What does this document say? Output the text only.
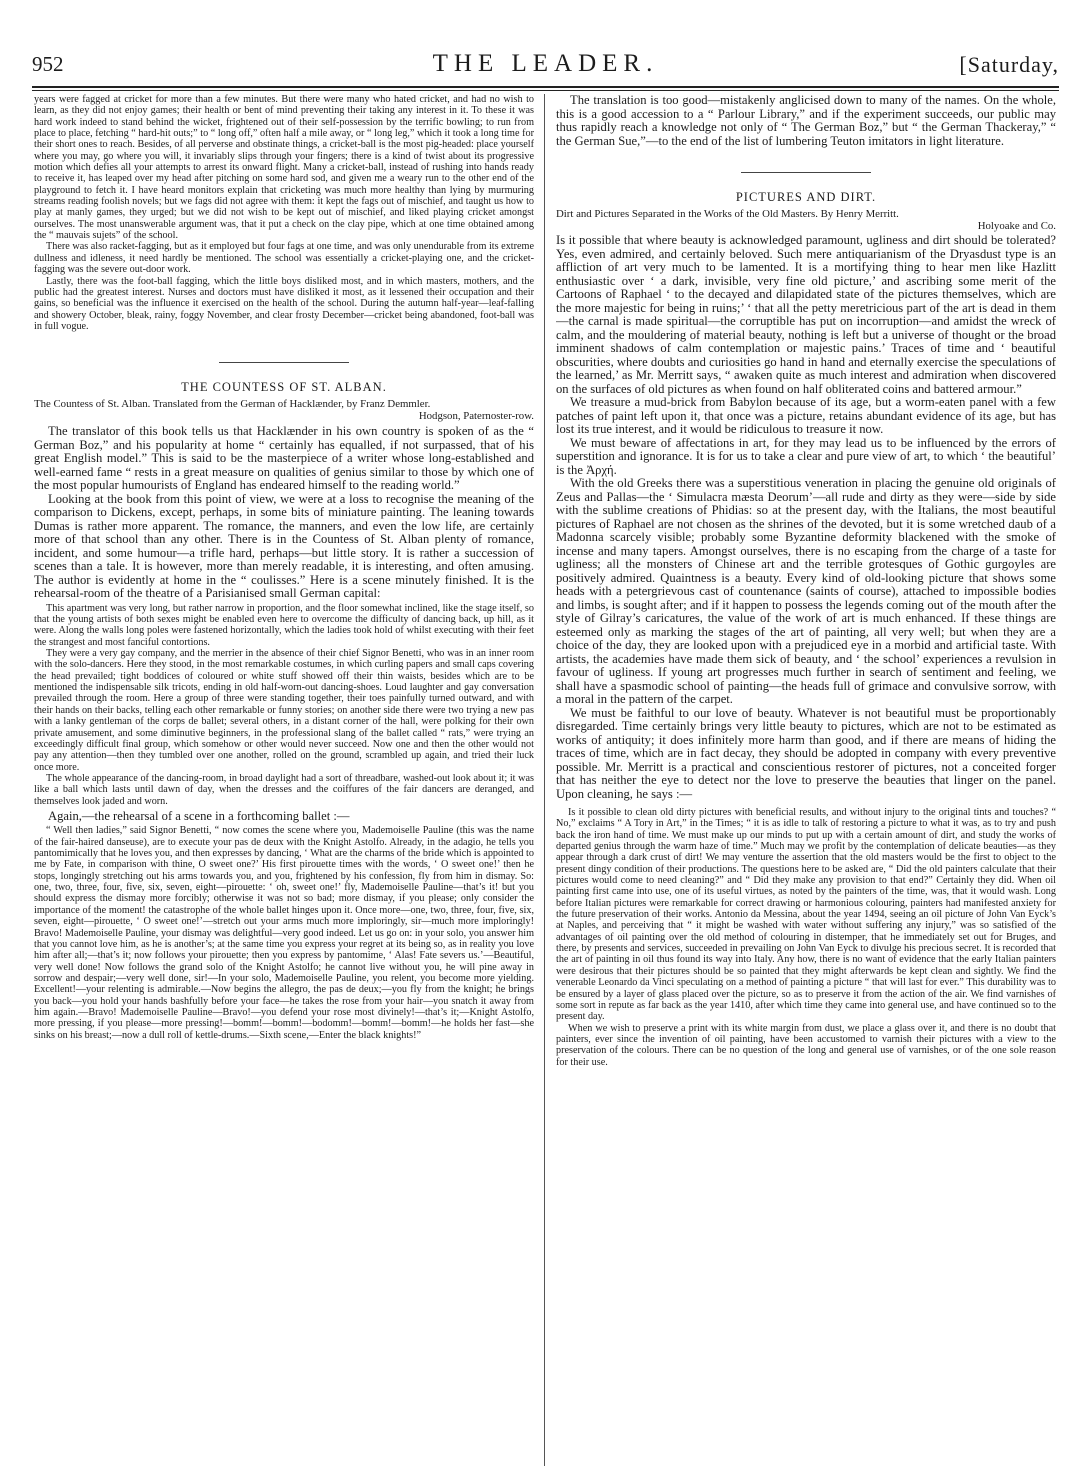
952	THE LEADER.	[Saturday,

years were fagged at cricket for more than a few minutes. But there were many who hated cricket, and had no wish to learn, as they did not enjoy games; their health or bent of mind preventing their taking any interest in it. To these it was hard work indeed to stand behind the wicket, frightened out of their self-possession by the terrific bowling; to run from place to place, fetching “ hard-hit outs;” to “ long off,” often half a mile away, or “ long leg,” which it took a long time for their short ones to reach. Besides, of all perverse and obstinate things, a cricket-ball is the most pig-headed: place yourself where you may, go where you will, it invariably slips through your fingers; there is a kind of twist about its progressive motion which defies all your attempts to arrest its onward flight. Many a cricket-ball, instead of rushing into hands ready to receive it, has leaped over my head after pitching on some hard sod, and given me a weary run to the other end of the playground to fetch it. I have heard monitors explain that cricketing was much more healthy than lying by murmuring streams reading foolish novels; but we fags did not agree with them: it kept the fags out of mischief, and taught us how to play at manly games, they urged; but we did not wish to be kept out of mischief, and liked playing cricket amongst ourselves. The most unanswerable argument was, that it put a check on the clay pipe, which at one time obtained among the “ mauvais sujets” of the school.

There was also racket-fagging, but as it employed but four fags at one time, and was only unendurable from its extreme dullness and idleness, it need hardly be mentioned. The school was essentially a cricket-playing one, and the cricket-fagging was the severe out-door work.

Lastly, there was the foot-ball fagging, which the little boys disliked most, and in which masters, mothers, and the public had the greatest interest. Nurses and doctors must have disliked it most, as it lessened their occupation and their gains, so beneficial was the influence it exercised on the health of the school. During the autumn half-year—leaf-falling and showery October, bleak, rainy, foggy November, and clear frosty December—cricket being abandoned, foot-ball was in full vogue.

THE COUNTESS OF ST. ALBAN.

The Countess of St. Alban. Translated from the German of Hacklænder, by Franz Demmler.

Hodgson, Paternoster-row.

The translator of this book tells us that Hacklænder in his own country is spoken of as the “ German Boz,” and his popularity at home “ certainly has equalled, if not surpassed, that of his great English model.” This is said to be the masterpiece of a writer whose long-established and well-earned fame “ rests in a great measure on qualities of genius similar to those by which one of the most popular humourists of England has endeared himself to the reading world.”

Looking at the book from this point of view, we were at a loss to recognise the meaning of the comparison to Dickens, except, perhaps, in some bits of miniature painting. The leaning towards Dumas is rather more apparent. The romance, the manners, and even the low life, are certainly more of that school than any other. There is in the Countess of St. Alban plenty of romance, incident, and some humour—a trifle hard, perhaps—but little story. It is rather a succession of scenes than a tale. It is however, more than merely readable, it is interesting, and often amusing. The author is evidently at home in the “ coulisses.” Here is a scene minutely finished. It is the rehearsal-room of the theatre of a Parisianised small German capital:

This apartment was very long, but rather narrow in proportion, and the floor somewhat inclined, like the stage itself, so that the young artists of both sexes might be enabled even here to overcome the difficulty of dancing back, up hill, as it were. Along the walls long poles were fastened horizontally, which the ladies took hold of whilst executing with their feet the strangest and most fanciful contortions.

They were a very gay company, and the merrier in the absence of their chief Signor Benetti, who was in an inner room with the solo-dancers. Here they stood, in the most remarkable costumes, in which curling papers and small caps covering the head prevailed; tight boddices of coloured or white stuff showed off their thin waists, besides which are to be mentioned the indispensable silk tricots, ending in old half-worn-out dancing-shoes. Loud laughter and gay conversation prevailed through the room. Here a group of three were standing together, their toes painfully turned outward, and with their hands on their backs, telling each other remarkable or funny stories; on another side there were two trying a new pas with a lanky gentleman of the corps de ballet; several others, in a distant corner of the hall, were polking for their own private amusement, and some diminutive beginners, in the professional slang of the ballet called “ rats,” were trying an exceedingly difficult final group, which somehow or other would never succeed. Now one and then the other would not pay any attention—then they tumbled over one another, rolled on the ground, scrambled up again, and tried their luck once more.

The whole appearance of the dancing-room, in broad daylight had a sort of threadbare, washed-out look about it; it was like a ball which lasts until dawn of day, when the dresses and the coiffures of the fair dancers are deranged, and themselves look jaded and worn.

Again,—the rehearsal of a scene in a forthcoming ballet :—

“ Well then ladies,” said Signor Benetti, “ now comes the scene where you, Mademoiselle Pauline (this was the name of the fair-haired danseuse), are to execute your pas de deux with the Knight Astolfo. Already, in the adagio, he tells you pantomimically that he loves you, and then expresses by dancing, ‘ What are the charms of the bride which is appointed to me by Fate, in comparison with thine, O sweet one?’ His first pirouette times with the words, ‘ O sweet one!’ then he stops, longingly stretching out his arms towards you, and you, frightened by his confession, fly from him in dismay. So: one, two, three, four, five, six, seven, eight—pirouette: ‘ oh, sweet one!’ fly, Mademoiselle Pauline—that’s it! but you should express the dismay more forcibly; otherwise it was not so bad; more dismay, if you please; only consider the importance of the moment! the catastrophe of the whole ballet hinges upon it. Once more—one, two, three, four, five, six, seven, eight—pirouette, ‘ O sweet one!’—stretch out your arms much more imploringly, sir—much more imploringly! Bravo! Mademoiselle Pauline, your dismay was delightful—very good indeed. Let us go on: in your solo, you answer him that you cannot love him, as he is another’s; at the same time you express your regret at its being so, as in reality you love him after all;—that’s it; now follows your pirouette; then you express by pantomime, ‘ Alas! Fate severs us.’—Beautiful, very well done! Now follows the grand solo of the Knight Astolfo; he cannot live without you, he will pine away in sorrow and despair;—very well done, sir!—In your solo, Mademoiselle Pauline, you relent, you become more yielding. Excellent!—your relenting is admirable.—Now begins the allegro, the pas de deux;—you fly from the knight; he brings you back—you hold your hands bashfully before your face—he takes the rose from your hair—you snatch it away from him again.—Bravo! Mademoiselle Pauline—Bravo!—you defend your rose most divinely!—that’s it;—Knight Astolfo, more pressing, if you please—more pressing!—bomm!—bomm!—bodomm!—bomm!—bomm!—he holds her fast—she sinks on his breast;—now a dull roll of kettle-drums.—Sixth scene,—Enter the black knights!”

The translation is too good—mistakenly anglicised down to many of the names. On the whole, this is a good accession to a “ Parlour Library,” and if the experiment succeeds, our public may thus rapidly reach a knowledge not only of “ The German Boz,” but “ the German Thackeray,” “ the German Sue,”—to the end of the list of lumbering Teuton imitators in light literature.

PICTURES AND DIRT.

Dirt and Pictures Separated in the Works of the Old Masters. By Henry Merritt.

Holyoake and Co.

Is it possible that where beauty is acknowledged paramount, ugliness and dirt should be tolerated? Yes, even admired, and certainly beloved. Such mere antiquarianism of the Dryasdust type is an affliction of art very much to be lamented. It is a mortifying thing to hear men like Hazlitt enthusiastic over ‘ a dark, invisible, very fine old picture,’ and ascribing some merit of the Cartoons of Raphael ‘ to the decayed and dilapidated state of the pictures themselves, which are the more majestic for being in ruins;’ ‘ that all the petty meretricious part of the art is dead in them—the carnal is made spiritual—the corruptible has put on incorruption—and amidst the wreck of calm, and the mouldering of material beauty, nothing is left but a universe of thought or the broad imminent shadows of calm contemplation or majestic pains.’ Traces of time and ‘ beautiful obscurities, where doubts and curiosities go hand in hand and eternally exercise the speculations of the learned,’ as Mr. Merritt says, “ awaken quite as much interest and admiration when discovered on the surfaces of old pictures as when found on half obliterated coins and battered armour.”

We treasure a mud-brick from Babylon because of its age, but a worm-eaten panel with a few patches of paint left upon it, that once was a picture, retains abundant evidence of its age, but has lost its true interest, and it would be ridiculous to treasure it now.

We must beware of affectations in art, for they may lead us to be influenced by the errors of superstition and ignorance. It is for us to take a clear and pure view of art, to which ‘ the beautiful’ is the Ἀρχή.

With the old Greeks there was a superstitious veneration in placing the genuine old originals of Zeus and Pallas—the ‘ Simulacra mæsta Deorum’—all rude and dirty as they were—side by side with the sublime creations of Phidias: so at the present day, with the Italians, the most beautiful pictures of Raphael are not chosen as the shrines of the devoted, but it is some wretched daub of a Madonna scarcely visible; probably some Byzantine deformity blackened with the smoke of incense and many tapers. Amongst ourselves, there is no escaping from the charge of a taste for ugliness; all the monsters of Chinese art and the terrible grotesques of Gothic gurgoyles are positively admired. Quaintness is a beauty. Every kind of old-looking picture that shows some heads with a petergrievous cast of countenance (saints of course), attached to impossible bodies and limbs, is sought after; and if it happen to possess the legends coming out of the mouth after the style of Gilray’s caricatures, the value of the work of art is much enhanced. If these things are esteemed only as marking the stages of the art of painting, all very well; but when they are a choice of the day, they are looked upon with a prejudiced eye in a morbid and artificial taste. With artists, the academies have made them sick of beauty, and ‘ the school’ experiences a revulsion in favour of ugliness. If young art progresses much further in search of sentiment and feeling, we shall have a spasmodic school of painting—the heads full of grimace and convulsive sorrow, with a moral in the pattern of the carpet.

We must be faithful to our love of beauty. Whatever is not beautiful must be proportionably disregarded. Time certainly brings very little beauty to pictures, which are not to be estimated as works of antiquity; it does infinitely more harm than good, and if there are means of hiding the traces of time, which are in fact decay, they should be adopted in company with every preventive possible. Mr. Merritt is a practical and conscientious restorer of pictures, not a conceited forger that has neither the eye to detect nor the love to preserve the beauties that linger on the panel. Upon cleaning, he says :—

Is it possible to clean old dirty pictures with beneficial results, and without injury to the original tints and touches? “ No,” exclaims “ A Tory in Art,” in the Times; “ it is as idle to talk of restoring a picture to what it was, as to try and push back the iron hand of time. We must make up our minds to put up with a certain amount of dirt, and study the works of departed genius through the warm haze of time.” Much may we profit by the contemplation of delicate beauties—as they appear through a dark crust of dirt! We may venture the assertion that the old masters would be the first to object to the present dingy condition of their productions. The questions here to be asked are, “ Did the old painters calculate that their pictures would come to need cleaning?” and “ Did they make any provision to that end?” Certainly they did. When oil painting first came into use, one of its useful virtues, as noted by the painters of the time, was, that it would wash. Long before Italian pictures were remarkable for correct drawing or harmonious colouring, painters had manifested anxiety for the future preservation of their works. Antonio da Messina, about the year 1494, seeing an oil picture of John Van Eyck’s at Naples, and perceiving that “ it might be washed with water without suffering any injury,” was so satisfied of the advantages of oil painting over the old method of colouring in distemper, that he immediately set out for Bruges, and there, by presents and services, succeeded in prevailing on John Van Eyck to divulge his precious secret. It is recorded that the art of painting in oil thus found its way into Italy. Any how, there is no want of evidence that the early Italian painters were desirous that their pictures should be so painted that they might afterwards be kept clean and sightly. We find the venerable Leonardo da Vinci speculating on a method of painting a picture “ that will last for ever.” This durability was to be ensured by a layer of glass placed over the picture, so as to preserve it from the action of the air. We find varnishes of some sort in repute as far back as the year 1410, after which time they came into general use, and have continued so to the present day.

When we wish to preserve a print with its white margin from dust, we place a glass over it, and there is no doubt that painters, ever since the invention of oil painting, have been accustomed to varnish their pictures with a view to the preservation of the colours. There can be no question of the long and general use of varnishes, or of the one sole reason for their use.
